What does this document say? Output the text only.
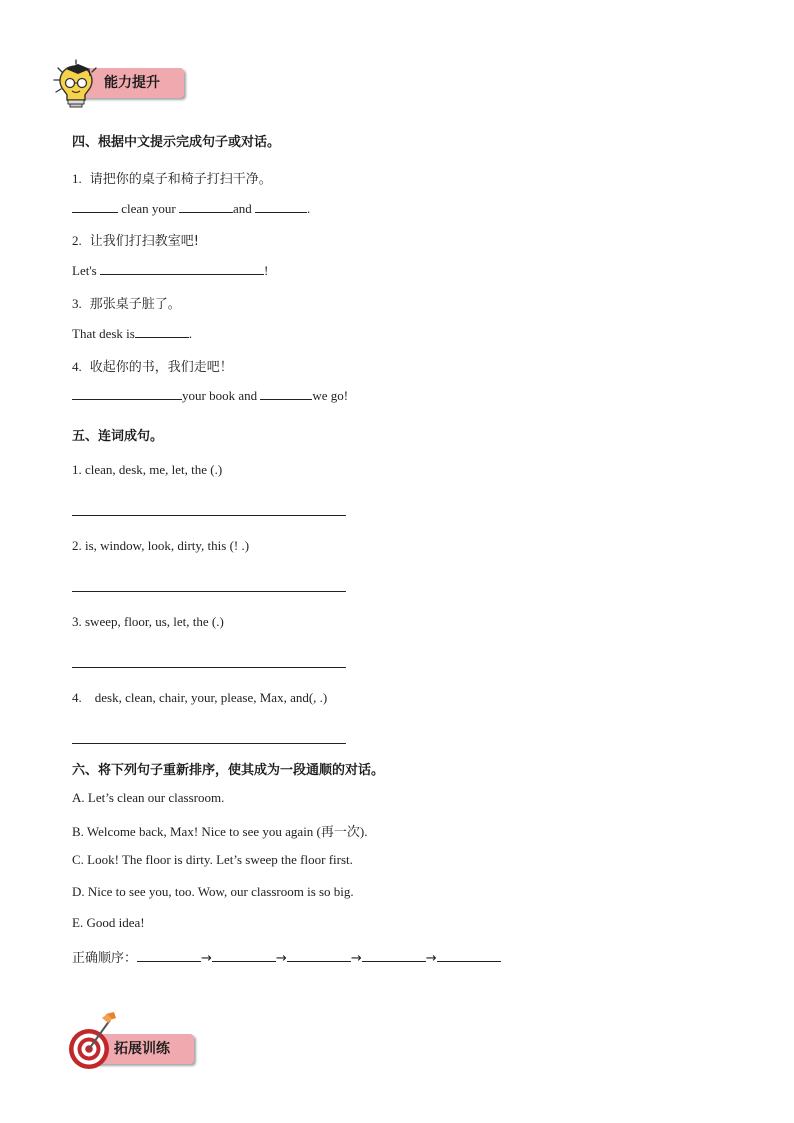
能力提升
四、根据中文提示完成句子或对话。
1. 请把你的桌子和椅子打扫干净。
clean your	and	.
2. 让我们打扫教室吧!
Let's	!
3. 那张桌子脏了。
That desk is	.
4. 收起你的书，我们走吧！
your book and	we go!
五、连词成句。
1. clean, desk, me, let, the (.)
2. is, window, look, dirty, this (! .)
3. sweep, floor, us, let, the (.)
4.    desk, clean, chair, your, please, Max, and(, .)
六、将下列句子重新排序，使其成为一段通顺的对话。
A. Let’s clean our classroom.
B. Welcome back, Max! Nice to see you again (再一次).
C. Look! The floor is dirty. Let’s sweep the floor first.
D. Nice to see you, too. Wow, our classroom is so big.
E. Good idea!
正确顺序：	→	→	→	→
拓展训练
